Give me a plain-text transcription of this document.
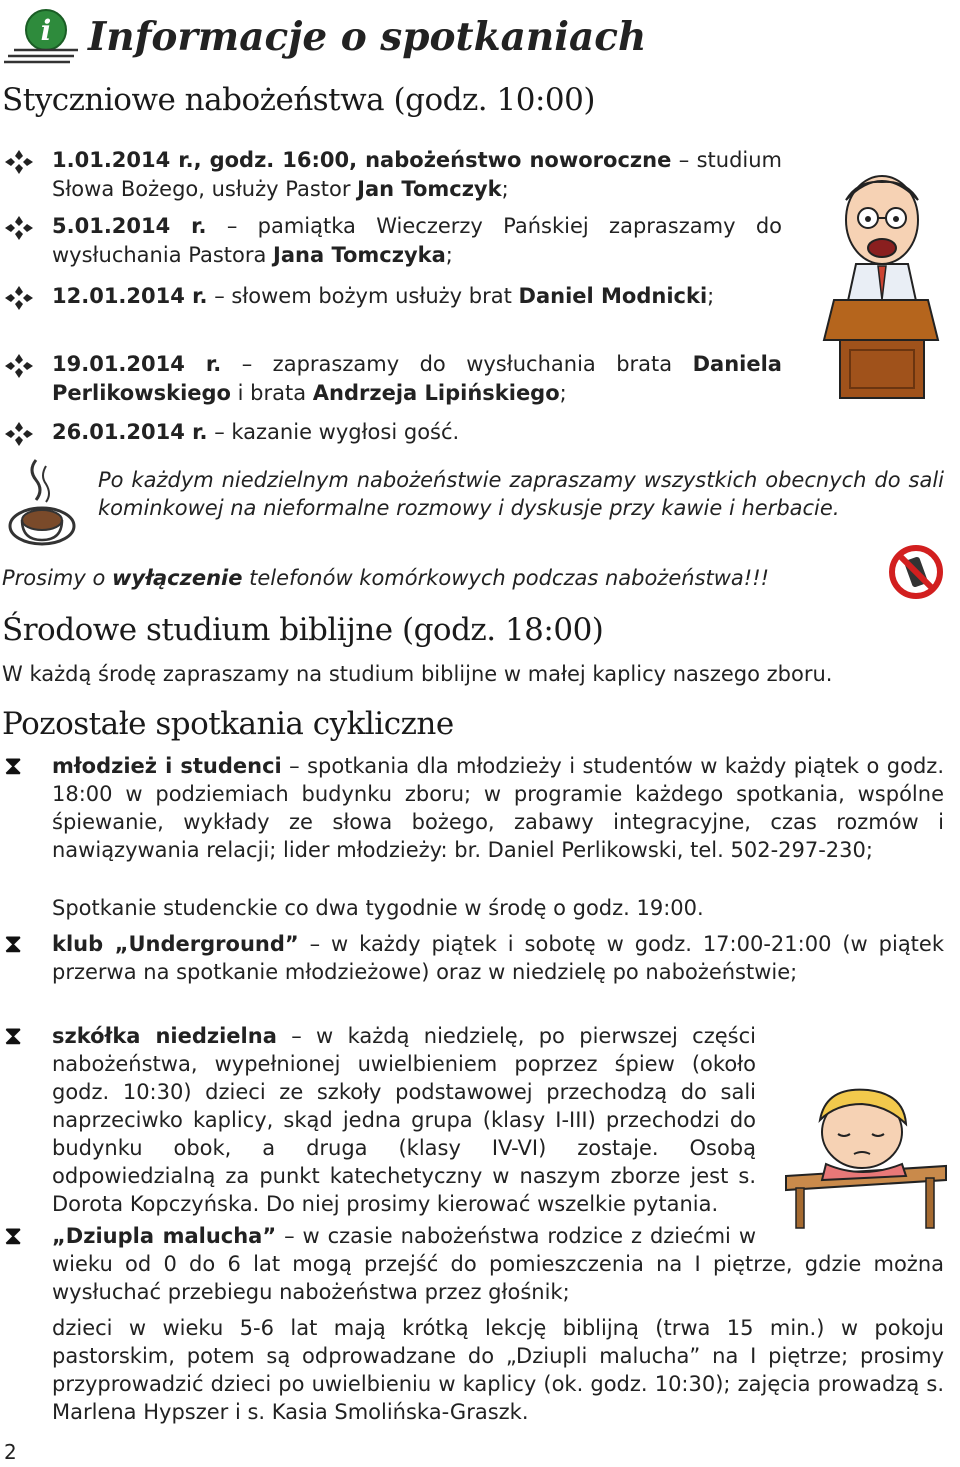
i Informacje o spotkaniach
Styczniowe nabożeństwa (godz. 10:00)
1.01.2014 r., godz. 16:00, nabożeństwo noworoczne – studium Słowa Bożego, usłuży Pastor Jan Tomczyk;
5.01.2014 r. – pamiątka Wieczerzy Pańskiej zapraszamy do wysłuchania Pastora Jana Tomczyka;
12.01.2014 r. – słowem bożym usłuży brat Daniel Modnicki;
19.01.2014 r. – zapraszamy do wysłuchania brata Daniela Perlikowskiego i brata Andrzeja Lipińskiego;
26.01.2014 r. – kazanie wygłosi gość.
Po każdym niedzielnym nabożeństwie zapraszamy wszystkich obecnych do sali kominkowej na nieformalne rozmowy i dyskusje przy kawie i herbacie.
Prosimy o wyłączenie telefonów komórkowych podczas nabożeństwa!!!
Środowe studium biblijne (godz. 18:00)
W każdą środę zapraszamy na studium biblijne w małej kaplicy naszego zboru.
Pozostałe spotkania cykliczne
⧗	młodzież i studenci – spotkania dla młodzieży i studentów w każdy piątek o godz. 18:00 w podziemiach budynku zboru; w programie każdego spotkania, wspólne śpiewanie, wykłady ze słowa bożego, zabawy integracyjne, czas rozmów i nawiązywania relacji; lider młodzieży: br. Daniel Perlikowski, tel. 502-297-230;
Spotkanie studenckie co dwa tygodnie w środę o godz. 19:00.
⧗	klub „Underground” – w każdy piątek i sobotę w godz. 17:00-21:00 (w piątek przerwa na spotkanie młodzieżowe) oraz w niedzielę po nabożeństwie;
⧗	szkółka niedzielna – w każdą niedzielę, po pierwszej części nabożeństwa, wypełnionej uwielbieniem poprzez śpiew (około godz. 10:30) dzieci ze szkoły podstawowej przechodzą do sali naprzeciwko kaplicy, skąd jedna grupa (klasy I-III) przechodzi do budynku obok, a druga (klasy IV-VI) zostaje. Osobą odpowiedzialną za punkt katechetyczny w naszym zborze jest s. Dorota Kopczyńska. Do niej prosimy kierować wszelkie pytania.
⧗	„Dziupla malucha” – w czasie nabożeństwa rodzice z dziećmi w wieku od 0 do 6 lat mogą przejść do pomieszczenia na I piętrze, gdzie można wysłuchać przebiegu nabożeństwa przez głośnik;
dzieci w wieku 5-6 lat mają krótką lekcję biblijną (trwa 15 min.) w pokoju pastorskim, potem są odprowadzane do „Dziupli malucha” na I piętrze; prosimy przyprowadzić dzieci po uwielbieniu w kaplicy (ok. godz. 10:30); zajęcia prowadzą s. Marlena Hypszer i s. Kasia Smolińska-Graszk.
2
